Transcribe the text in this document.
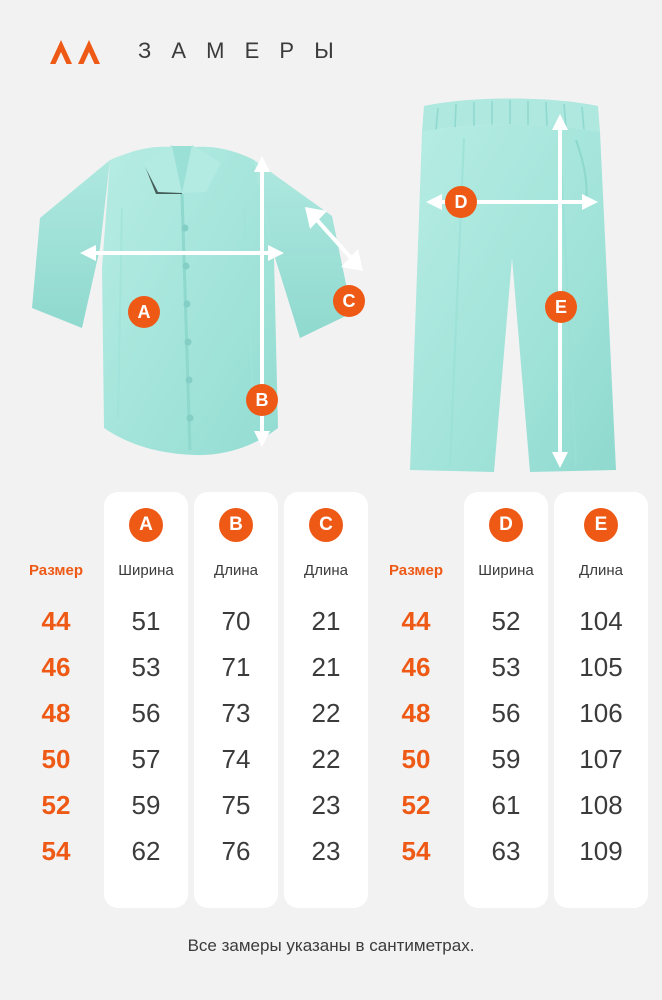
З А М Е Р Ы
A
B
C
D
E
Размер
44
46
48
50
52
54
A
Ширина
51
53
56
57
59
62
B
Длина
70
71
73
74
75
76
C
Длина
21
21
22
22
23
23
Размер
44
46
48
50
52
54
D
Ширина
52
53
56
59
61
63
E
Длина
104
105
106
107
108
109
Все замеры указаны в сантиметрах.
